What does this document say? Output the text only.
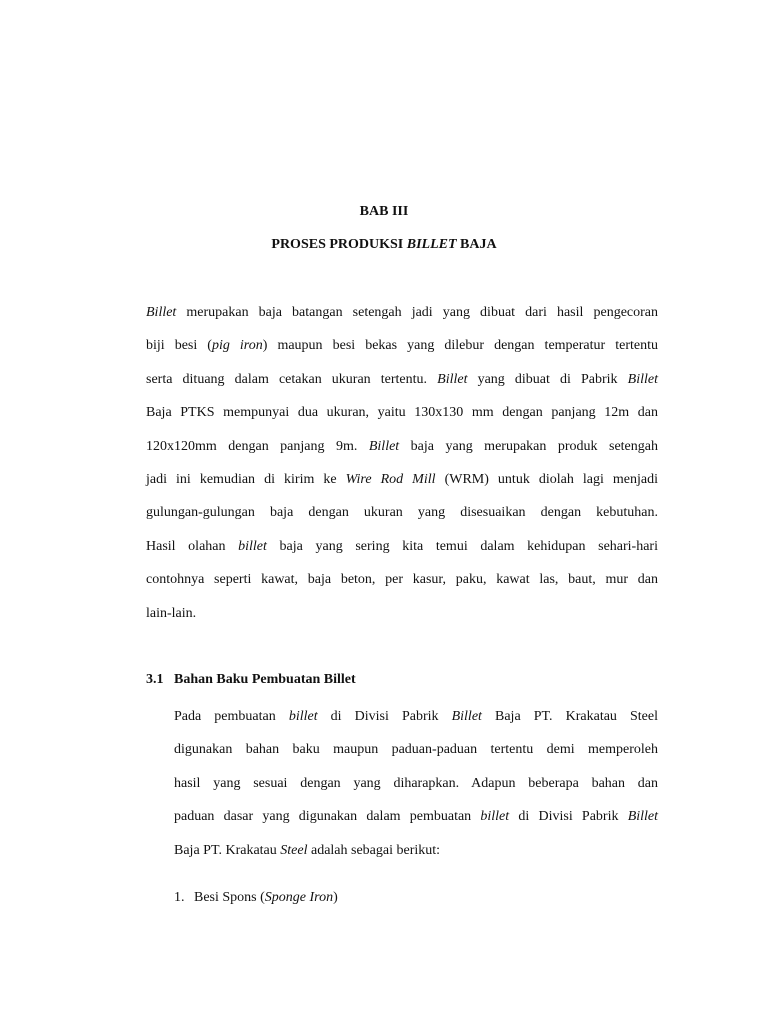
BAB III

PROSES PRODUKSI BILLET BAJA

Billet merupakan baja batangan setengah jadi yang dibuat dari hasil pengecoran
biji besi (pig iron) maupun besi bekas yang dilebur dengan temperatur tertentu
serta dituang dalam cetakan ukuran tertentu. Billet yang dibuat di Pabrik Billet
Baja PTKS mempunyai dua ukuran, yaitu 130x130 mm dengan panjang 12m dan
120x120mm dengan panjang 9m. Billet baja yang merupakan produk setengah
jadi ini kemudian di kirim ke Wire Rod Mill (WRM) untuk diolah lagi menjadi
gulungan-gulungan baja dengan ukuran yang disesuaikan dengan kebutuhan.
Hasil olahan billet baja yang sering kita temui dalam kehidupan sehari-hari
contohnya seperti kawat, baja beton, per kasur, paku, kawat las, baut, mur dan
lain-lain.

3.1 Bahan Baku Pembuatan Billet

Pada pembuatan billet di Divisi Pabrik Billet Baja PT. Krakatau Steel
digunakan bahan baku maupun paduan-paduan tertentu demi memperoleh
hasil yang sesuai dengan yang diharapkan. Adapun beberapa bahan dan
paduan dasar yang digunakan dalam pembuatan billet di Divisi Pabrik Billet
Baja PT. Krakatau Steel adalah sebagai berikut:

1. Besi Spons (Sponge Iron)
